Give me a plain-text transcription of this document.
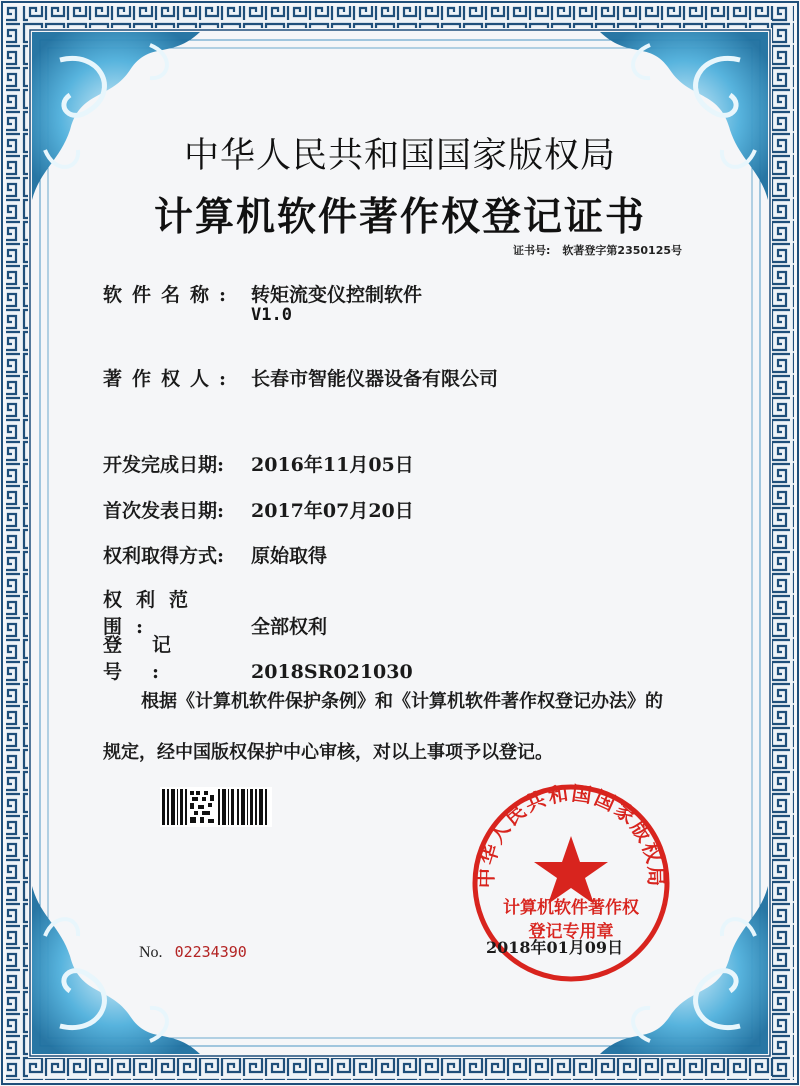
中华人民共和国国家版权局
计算机软件著作权登记证书
证书号: 软著登字第2350125号
软件名称: 转矩流变仪控制软件
V1.0
著作权人: 长春市智能仪器设备有限公司
开发完成日期: 2016年11月05日
首次发表日期: 2017年07月20日
权利取得方式: 原始取得
权利范围:	全部权利
登记号:	2018SR021030
根据《计算机软件保护条例》和《计算机软件著作权登记办法》的
规定，经中国版权保护中心审核，对以上事项予以登记。
中华人民共和国国家版权局
计算机软件著作权
登记专用章
No. 02234390	2018年01月09日
